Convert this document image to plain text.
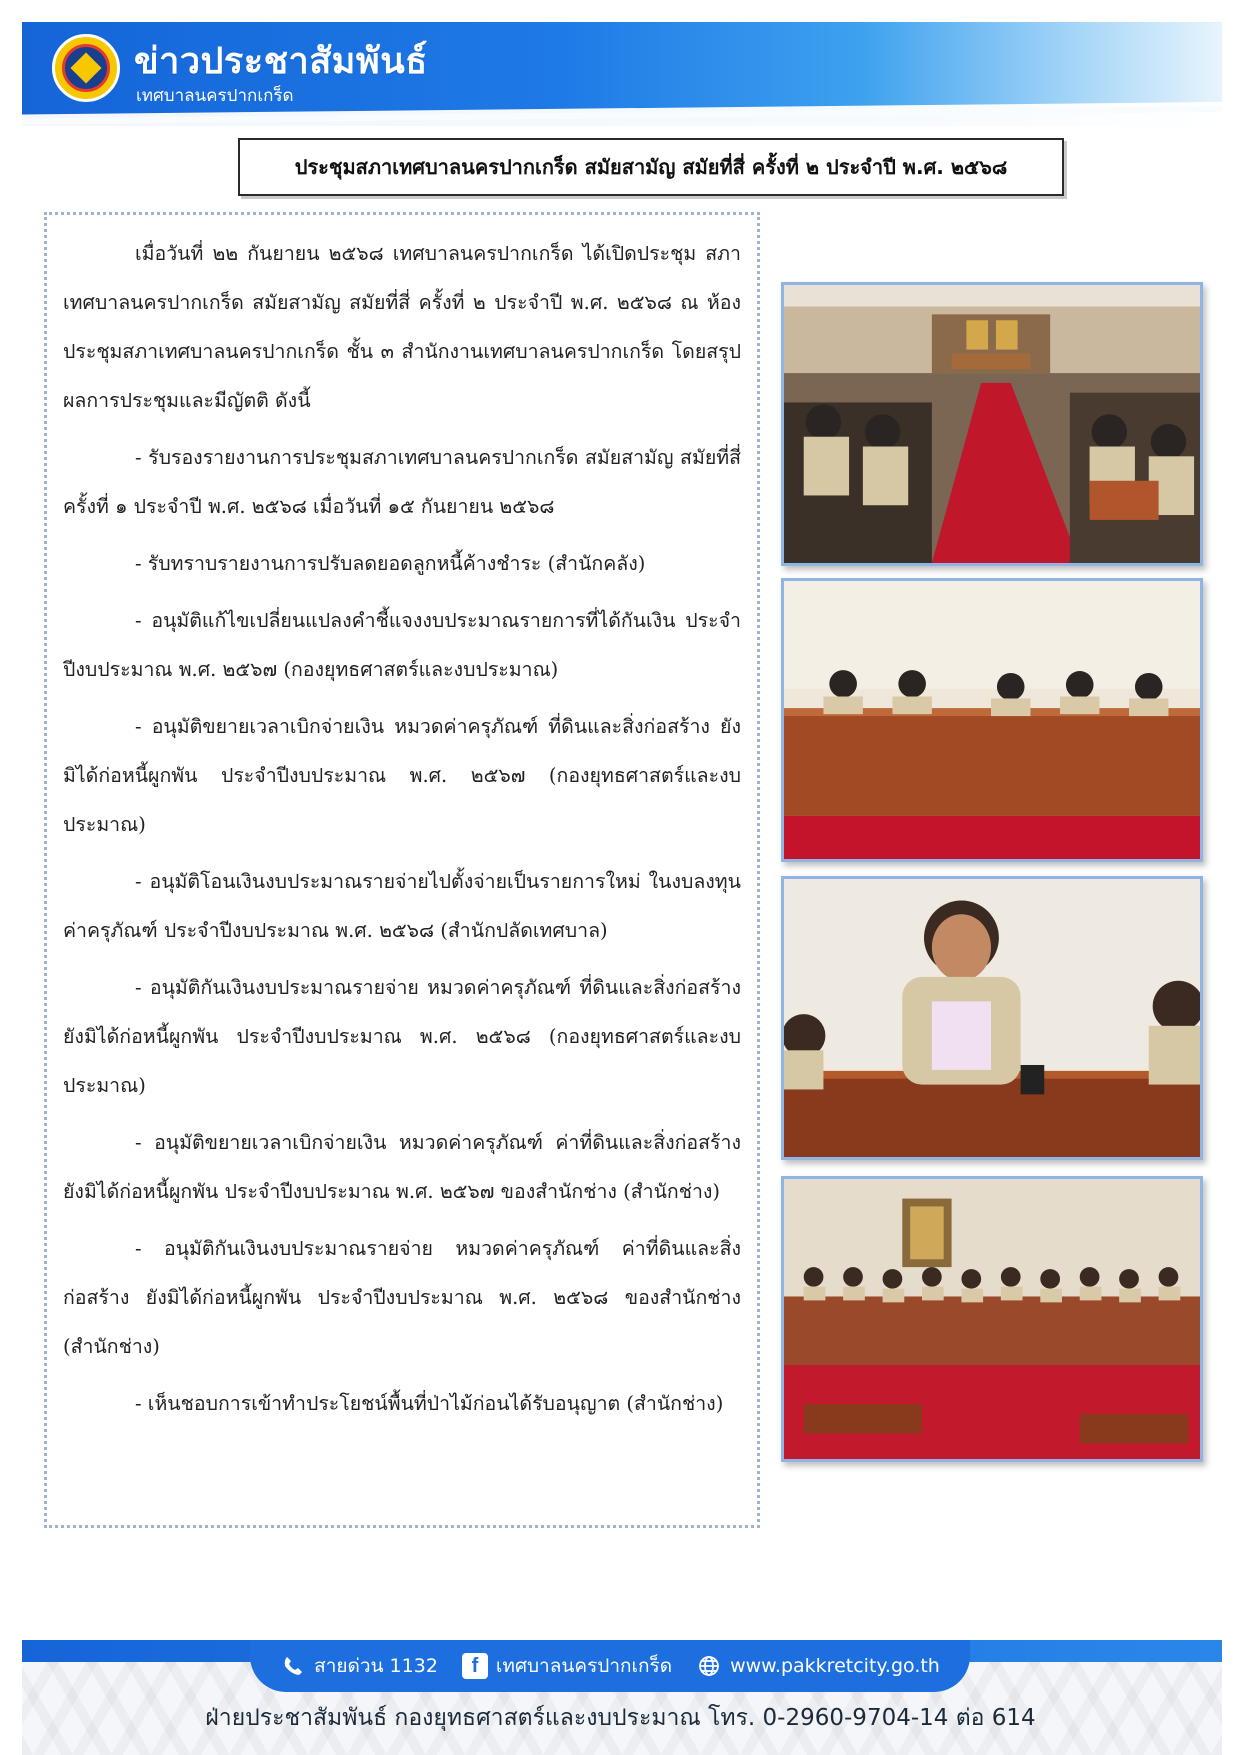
ข่าวประชาสัมพันธ์
เทศบาลนครปากเกร็ด
ประชุมสภาเทศบาลนครปากเกร็ด สมัยสามัญ สมัยที่สี่ ครั้งที่ ๒ ประจำปี พ.ศ. ๒๕๖๘

เมื่อวันที่ ๒๒ กันยายน ๒๕๖๘ เทศบาลนครปากเกร็ด ได้เปิดประชุม สภาเทศบาลนครปากเกร็ด สมัยสามัญ สมัยที่สี่ ครั้งที่ ๒ ประจำปี พ.ศ. ๒๕๖๘ ณ ห้องประชุมสภาเทศบาลนครปากเกร็ด ชั้น ๓ สำนักงานเทศบาลนครปากเกร็ด โดยสรุปผลการประชุมและมีญัตติ ดังนี้

- รับรองรายงานการประชุมสภาเทศบาลนครปากเกร็ด สมัยสามัญ สมัยที่สี่ ครั้งที่ ๑ ประจำปี พ.ศ. ๒๕๖๘ เมื่อวันที่ ๑๕ กันยายน ๒๕๖๘

- รับทราบรายงานการปรับลดยอดลูกหนี้ค้างชำระ (สำนักคลัง)

- อนุมัติแก้ไขเปลี่ยนแปลงคำชี้แจงงบประมาณรายการที่ได้กันเงิน ประจำปีงบประมาณ พ.ศ. ๒๕๖๗ (กองยุทธศาสตร์และงบประมาณ)

- อนุมัติขยายเวลาเบิกจ่ายเงิน หมวดค่าครุภัณฑ์ ที่ดินและสิ่งก่อสร้าง ยังมิได้ก่อหนี้ผูกพัน ประจำปีงบประมาณ พ.ศ. ๒๕๖๗ (กองยุทธศาสตร์และงบประมาณ)

- อนุมัติโอนเงินงบประมาณรายจ่ายไปตั้งจ่ายเป็นรายการใหม่ ในงบลงทุนค่าครุภัณฑ์ ประจำปีงบประมาณ พ.ศ. ๒๕๖๘ (สำนักปลัดเทศบาล)

- อนุมัติกันเงินงบประมาณรายจ่าย หมวดค่าครุภัณฑ์ ที่ดินและสิ่งก่อสร้าง ยังมิได้ก่อหนี้ผูกพัน ประจำปีงบประมาณ พ.ศ. ๒๕๖๘ (กองยุทธศาสตร์และงบประมาณ)

- อนุมัติขยายเวลาเบิกจ่ายเงิน หมวดค่าครุภัณฑ์ ค่าที่ดินและสิ่งก่อสร้าง ยังมิได้ก่อหนี้ผูกพัน ประจำปีงบประมาณ พ.ศ. ๒๕๖๗ ของสำนักช่าง (สำนักช่าง)

- อนุมัติกันเงินงบประมาณรายจ่าย หมวดค่าครุภัณฑ์ ค่าที่ดินและสิ่งก่อสร้าง ยังมิได้ก่อหนี้ผูกพัน ประจำปีงบประมาณ พ.ศ. ๒๕๖๘ ของสำนักช่าง (สำนักช่าง)

- เห็นชอบการเข้าทำประโยชน์พื้นที่ป่าไม้ก่อนได้รับอนุญาต (สำนักช่าง)

สายด่วน 1132	f เทศบาลนครปากเกร็ด	www.pakkretcity.go.th
ฝ่ายประชาสัมพันธ์ กองยุทธศาสตร์และงบประมาณ โทร. 0-2960-9704-14 ต่อ 614
